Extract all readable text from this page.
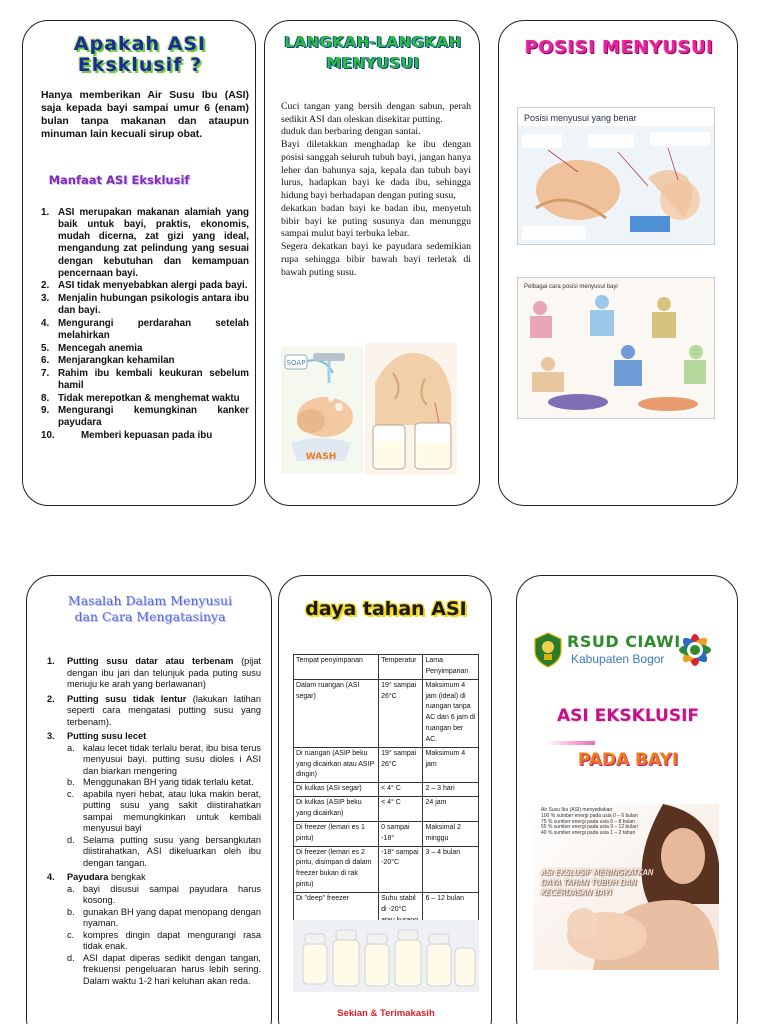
Apakah ASI
Eksklusif ?
Hanya memberikan Air Susu Ibu (ASI) saja kepada bayi sampai umur 6 (enam) bulan tanpa makanan dan ataupun minuman lain kecuali sirup obat.
Manfaat ASI Eksklusif
1. ASI merupakan makanan alamiah yang baik untuk bayi, praktis, ekonomis, mudah dicerna, zat gizi yang ideal, mengandung zat pelindung yang sesuai dengan kebutuhan dan kemampuan pencernaan bayi.
2. ASI tidak menyebabkan alergi pada bayi.
3. Menjalin hubungan psikologis antara ibu dan bayi.
4. Mengurangi perdarahan setelah melahirkan
5. Mencegah anemia
6. Menjarangkan kehamilan
7. Rahim ibu kembali keukuran sebelum hamil
8. Tidak merepotkan & menghemat waktu
9. Mengurangi kemungkinan kanker payudara
10.	Memberi kepuasan pada ibu
LANGKAH-LANGKAH
MENYUSUI
Cuci tangan yang bersih dengan sabun, perah sedikit ASI dan oleskan disekitar putting.
duduk dan berbaring dengan santai.
Bayi diletakkan menghadap ke ibu dengan posisi sanggah seluruh tubuh bayi, jangan hanya leher dan bahunya saja, kepala dan tubuh bayi lurus, hadapkan bayi ke dada ibu, sehingga hidung bayi berhadapan dengan puting susu,
dekatkan badan bayi ke badan ibu, menyetuh bibir bayi ke puting susunya dan menunggu sampai mulut bayi terbuka lebar.
Segera dekatkan bayi ke payudara sedemikian rupa sehingga bibir bawah bayi terletak di bawah puting susu.
SOAP
WASH
POSISI MENYUSUI
Posisi menyusui yang benar
Pelbagai cara posisi menyusui bayi
Masalah Dalam Menyusui
dan Cara Mengatasinya
1. Putting susu datar atau terbenam (pijat dengan ibu jari dan telunjuk pada puting susu menuju ke arah yang berlawanan)
2. Putting susu tidak lentur (lakukan latihan seperti cara mengatasi putting susu yang terbenam).
3. Putting susu lecet
a. kalau lecet tidak terlalu berat, ibu bisa terus menyusui bayi. putting susu dioles i ASI dan biarkan mengering
b. Menggunakan BH yang tidak terlalu ketat.
c. apabila nyeri hebat, atau luka makin berat, putting susu yang sakit diistirahatkan sampai memungkinkan untuk kembali menyusui bayi
d. Selama putting susu yang bersangkutan diistirahatkan, ASI dikeluarkan oleh ibu dengan tangan.
4. Payudara bengkak
a. bayi disusui sampai payudara harus kosong.
b. gunakan BH yang dapat menopang dengan nyaman.
c. kompres dingin dapat mengurangi rasa tidak enak.
d. ASI dapat diperas sedikit dengan tangan, frekuensi pengeluaran harus lebih sering. Dalam waktu 1-2 hari keluhan akan reda.
daya tahan ASI
Tempat penyimpanan	Temperatur	Lama Penyimpanan
Dalam ruangan (ASI segar)	19° sampai 26°C	Maksimum 4 jam (ideal) di ruangan tanpa AC dan 6 jam di ruangan ber AC.
Di ruangan (ASIP beku yang dicairkan atau ASIP dingin)	19° sampai 26°C	Maksimum 4 jam
Di kulkas (ASI segar)	< 4° C	2 – 3 hari
Di kulkas (ASIP beku yang dicairkan)	< 4° C	24 jam
Di freezer (lemari es 1 pintu)	0 sampai -18°	Maksimal 2 minggu
Di freezer (lemari es 2 pintu, disimpan di dalam freezer bukan di rak pintu)	-18° sampai -20°C	3 – 4 bulan
Di "deep" freezer	Suhu stabil di -20°C	6 – 12 bulan
Sekian & Terimakasih
RSUD CIAWI
Kabupaten Bogor
ASI EKSKLUSIF
PADA BAYI
Air Susu Ibu (ASI) menyediakan:
100 % sumber energi pada usia 0 – 6 bulan
75 % sumber energi pada usia 6 – 8 bulan
55 % sumber energi pada usia 9 – 12 bulan
40 % sumber energi pada usia 1 – 2 tahun
ASI EKSLUSIF MENINGKATKAN DAYA TAHAN TUBUH DAN KECERDASAN BAYI
